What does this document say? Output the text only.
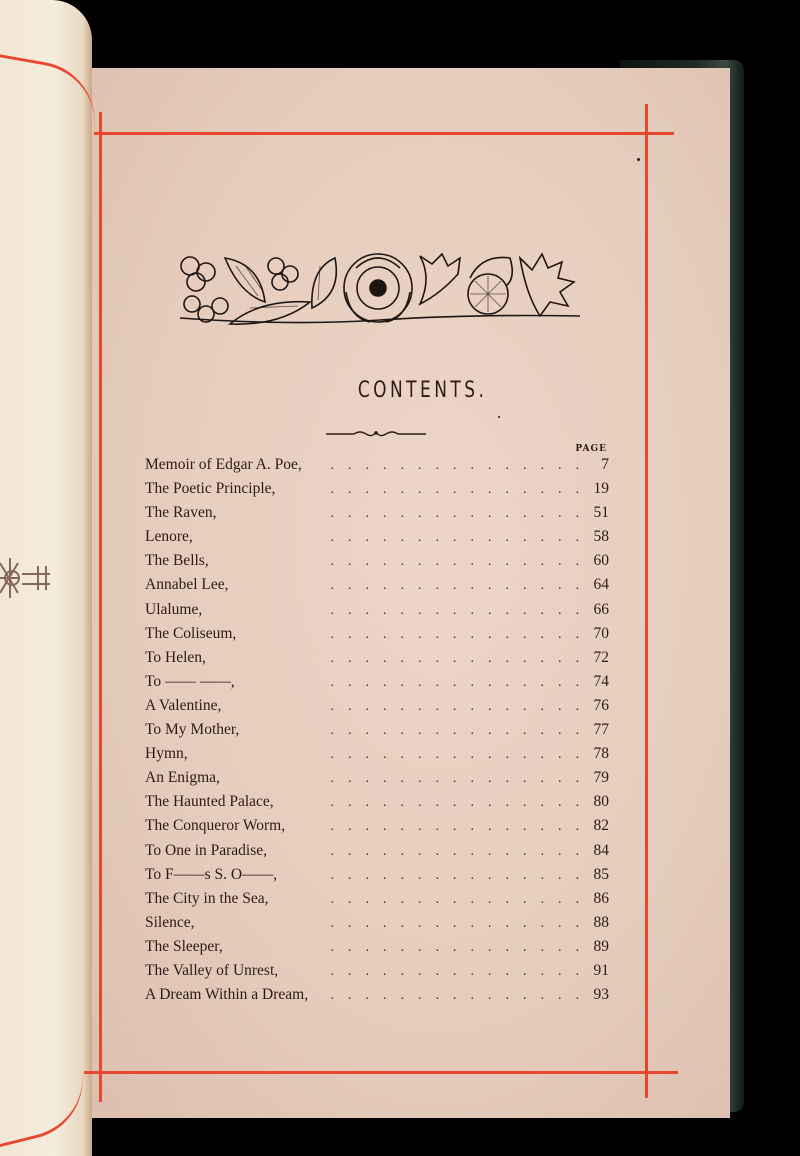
CONTENTS.
PAGE
Memoir of Edgar A. Poe,	. . . . . . . . . . . . . . .	7
The Poetic Principle,	. . . . . . . . . . . . . . . 19
The Raven,	. . . . . . . . . . . . . . . 51
Lenore,	. . . . . . . . . . . . . . . 58
The Bells,	. . . . . . . . . . . . . . . 60
Annabel Lee,	. . . . . . . . . . . . . . . 64
Ulalume,	. . . . . . . . . . . . . . . 66
The Coliseum,	. . . . . . . . . . . . . . . 70
To Helen,	. . . . . . . . . . . . . . . 72
To —— ——,	. . . . . . . . . . . . . . . 74
A Valentine,	. . . . . . . . . . . . . . . 76
To My Mother,	. . . . . . . . . . . . . . . 77
Hymn,	. . . . . . . . . . . . . . . 78
An Enigma,	. . . . . . . . . . . . . . . 79
The Haunted Palace,	. . . . . . . . . . . . . . . 80
The Conqueror Worm,	. . . . . . . . . . . . . . . 82
To One in Paradise,	. . . . . . . . . . . . . . . 84
To F——s S. O——,	. . . . . . . . . . . . . . . 85
The City in the Sea,	. . . . . . . . . . . . . . . 86
Silence,	. . . . . . . . . . . . . . . 88
The Sleeper,	. . . . . . . . . . . . . . . 89
The Valley of Unrest,	. . . . . . . . . . . . . . . 91
A Dream Within a Dream,	. . . . . . . . . . . . . . . 93
